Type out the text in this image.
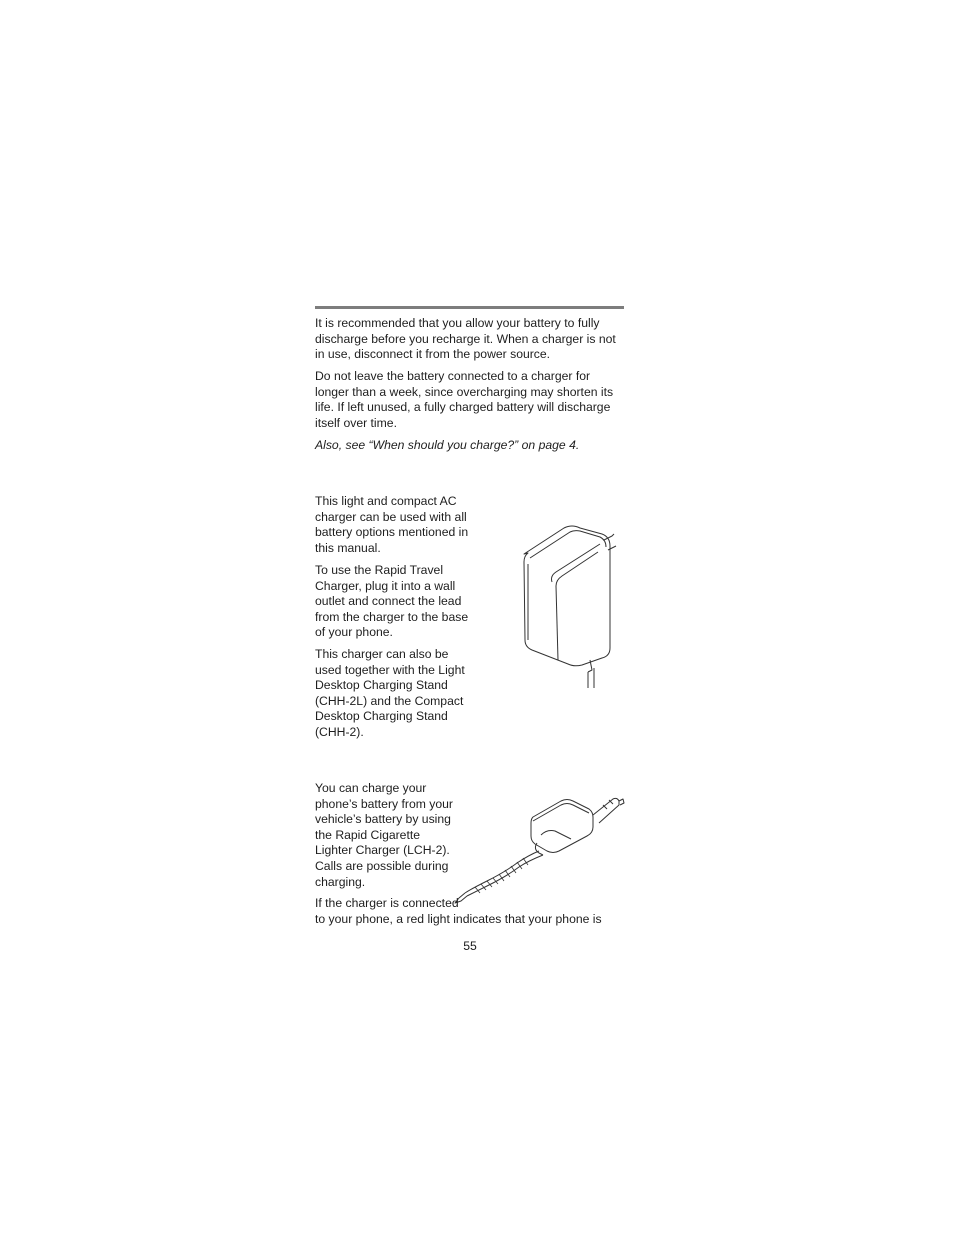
It is recommended that you allow your battery to fully discharge before you recharge it. When a charger is not in use, disconnect it from the power source.

Do not leave the battery connected to a charger for longer than a week, since overcharging may shorten its life. If left unused, a fully charged battery will discharge itself over time.

Also, see “When should you charge?” on page 4.

This light and compact AC charger can be used with all battery options mentioned in this manual.

To use the Rapid Travel Charger, plug it into a wall outlet and connect the lead from the charger to the base of your phone.

This charger can also be used together with the Light Desktop Charging Stand (CHH-2L) and the Compact Desktop Charging Stand (CHH-2).

You can charge your phone’s battery from your vehicle’s battery by using the Rapid Cigarette Lighter Charger (LCH-2). Calls are possible during charging.

If the charger is connected

to your phone, a red light indicates that your phone is

55
